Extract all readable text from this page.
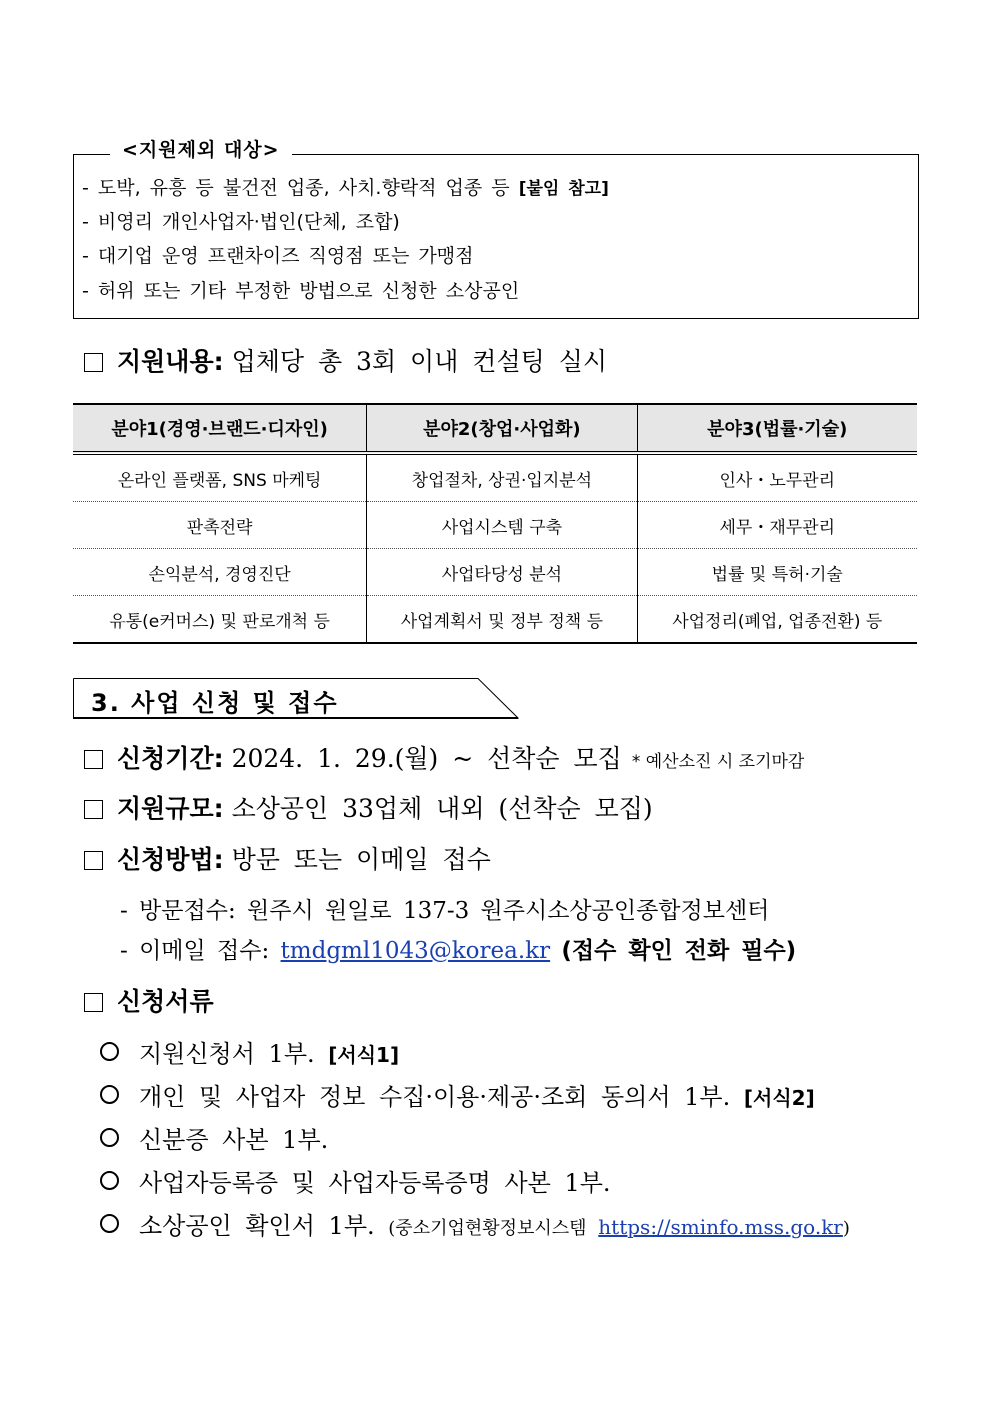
<지원제외 대상>
- 도박, 유흥 등 불건전 업종, 사치.향락적 업종 등 [붙임 참고]
- 비영리 개인사업자·법인(단체, 조합)
- 대기업 운영 프랜차이즈 직영점 또는 가맹점
- 허위 또는 기타 부정한 방법으로 신청한 소상공인
지원내용: 업체당 총 3회 이내 컨설팅 실시
분야1(경영·브랜드·디자인)	분야2(창업·사업화)	분야3(법률·기술)
온라인 플랫폼, SNS 마케팅	창업절차, 상권·입지분석	인사・노무관리
판촉전략	사업시스템 구축	세무・재무관리
손익분석, 경영진단	사업타당성 분석	법률 및 특허·기술
유통(e커머스) 및 판로개척 등	사업계획서 및 정부 정책 등	사업정리(폐업, 업종전환) 등
3. 사업 신청 및 접수
신청기간: 2024. 1. 29.(월) ~ 선착순 모집 * 예산소진 시 조기마감
지원규모: 소상공인 33업체 내외 (선착순 모집)
신청방법: 방문 또는 이메일 접수
- 방문접수: 원주시 원일로 137-3 원주시소상공인종합정보센터
- 이메일 접수: tmdgml1043@korea.kr (접수 확인 전화 필수)
신청서류
지원신청서 1부. [서식1]
개인 및 사업자 정보 수집·이용·제공·조회 동의서 1부. [서식2]
신분증 사본 1부.
사업자등록증 및 사업자등록증명 사본 1부.
소상공인 확인서 1부. (중소기업현황정보시스템 https://sminfo.mss.go.kr)
